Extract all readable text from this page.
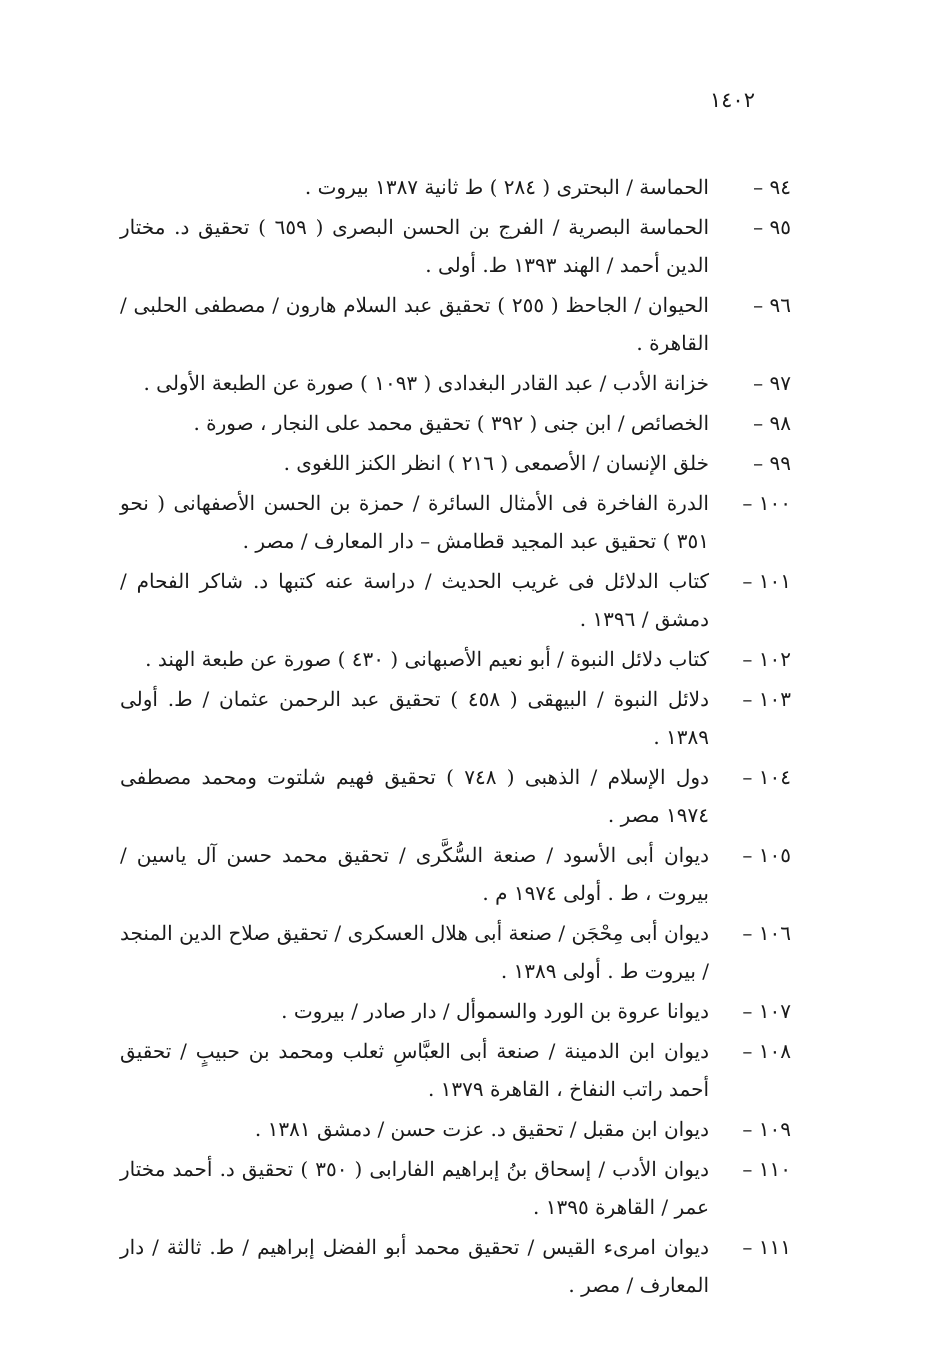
١٤٠٢
٩٤ –
الحماسة / البحترى ( ٢٨٤ ) ط ثانية ١٣٨٧ بيروت .
٩٥ –
الحماسة البصرية / الفرج بن الحسن البصرى ( ٦٥٩ ) تحقيق د. مختار الدين أحمد / الهند ١٣٩٣ ط. أولى .
٩٦ –
الحيوان / الجاحظ ( ٢٥٥ ) تحقيق عبد السلام هارون / مصطفى الحلبى / القاهرة .
٩٧ –
خزانة الأدب / عبد القادر البغدادى ( ١٠٩٣ ) صورة عن الطبعة الأولى .
٩٨ –
الخصائص / ابن جنى ( ٣٩٢ ) تحقيق محمد على النجار ، صورة .
٩٩ –
خلق الإنسان / الأصمعى ( ٢١٦ ) انظر الكنز اللغوى .
١٠٠ –
الدرة الفاخرة فى الأمثال السائرة / حمزة بن الحسن الأصفهانى ( نحو ٣٥١ ) تحقيق عبد المجيد قطامش – دار المعارف / مصر .
١٠١ –
كتاب الدلائل فى غريب الحديث / دراسة عنه كتبها د. شاكر الفحام / دمشق / ١٣٩٦ .
١٠٢ –
كتاب دلائل النبوة / أبو نعيم الأصبهانى ( ٤٣٠ ) صورة عن طبعة الهند .
١٠٣ –
دلائل النبوة / البيهقى ( ٤٥٨ ) تحقيق عبد الرحمن عثمان / ط. أولى ١٣٨٩ .
١٠٤ –
دول الإسلام / الذهبى ( ٧٤٨ ) تحقيق فهيم شلتوت ومحمد مصطفى ١٩٧٤ مصر .
١٠٥ –
ديوان أبى الأسود / صنعة السُّكَّرى / تحقيق محمد حسن آل ياسين / بيروت ، ط . أولى ١٩٧٤ م .
١٠٦ –
ديوان أبى مِحْجَن / صنعة أبى هلال العسكرى / تحقيق صلاح الدين المنجد / بيروت ط . أولى ١٣٨٩ .
١٠٧ –
ديوانا عروة بن الورد والسموأل / دار صادر / بيروت .
١٠٨ –
ديوان ابن الدمينة / صنعة أبى العبَّاسِ ثعلب ومحمد بن حبيبٍ / تحقيق أحمد راتب النفاخ ، القاهرة ١٣٧٩ .
١٠٩ –
ديوان ابن مقبل / تحقيق د. عزت حسن / دمشق ١٣٨١ .
١١٠ –
ديوان الأدب / إسحاق بنُ إبراهيم الفارابى ( ٣٥٠ ) تحقيق د. أحمد مختار عمر / القاهرة ١٣٩٥ .
١١١ –
ديوان امرىء القيس / تحقيق محمد أبو الفضل إبراهيم / ط. ثالثة / دار المعارف / مصر .
